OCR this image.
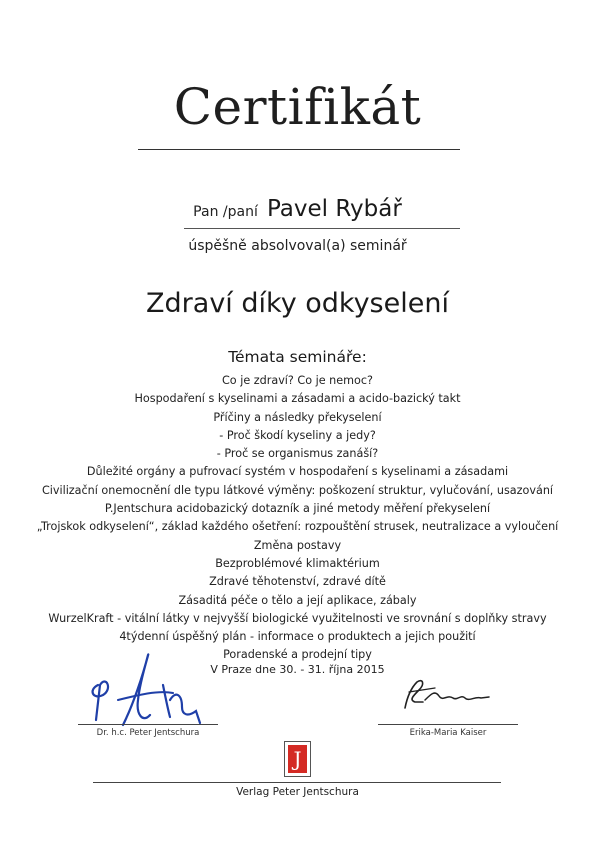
Certifikát
Pan /paní Pavel Rybář
úspěšně absolvoval(a) seminář
Zdraví díky odkyselení
Témata semináře:
Co je zdraví? Co je nemoc?
Hospodaření s kyselinami a zásadami a acido-bazický takt
Příčiny a následky překyselení
- Proč škodí kyseliny a jedy?
- Proč se organismus zanáší?
Důležité orgány a pufrovací systém v hospodaření s kyselinami a zásadami
Civilizační onemocnění dle typu látkové výměny: poškození struktur, vylučování, usazování
P.Jentschura acidobazický dotazník a jiné metody měření překyselení
„Trojskok odkyselení“, základ každého ošetření: rozpouštění strusek, neutralizace a vyloučení
Změna postavy
Bezproblémové klimaktérium
Zdravé těhotenství, zdravé dítě
Zásaditá péče o tělo a její aplikace, zábaly
WurzelKraft - vitální látky v nejvyšší biologické využitelnosti ve srovnání s doplňky stravy
4týdenní úspěšný plán - informace o produktech a jejich použití
Poradenské a prodejní tipy
V Praze dne 30. - 31. října 2015
Dr. h.c. Peter Jentschura	Erika-Maria Kaiser
J
Verlag Peter Jentschura
